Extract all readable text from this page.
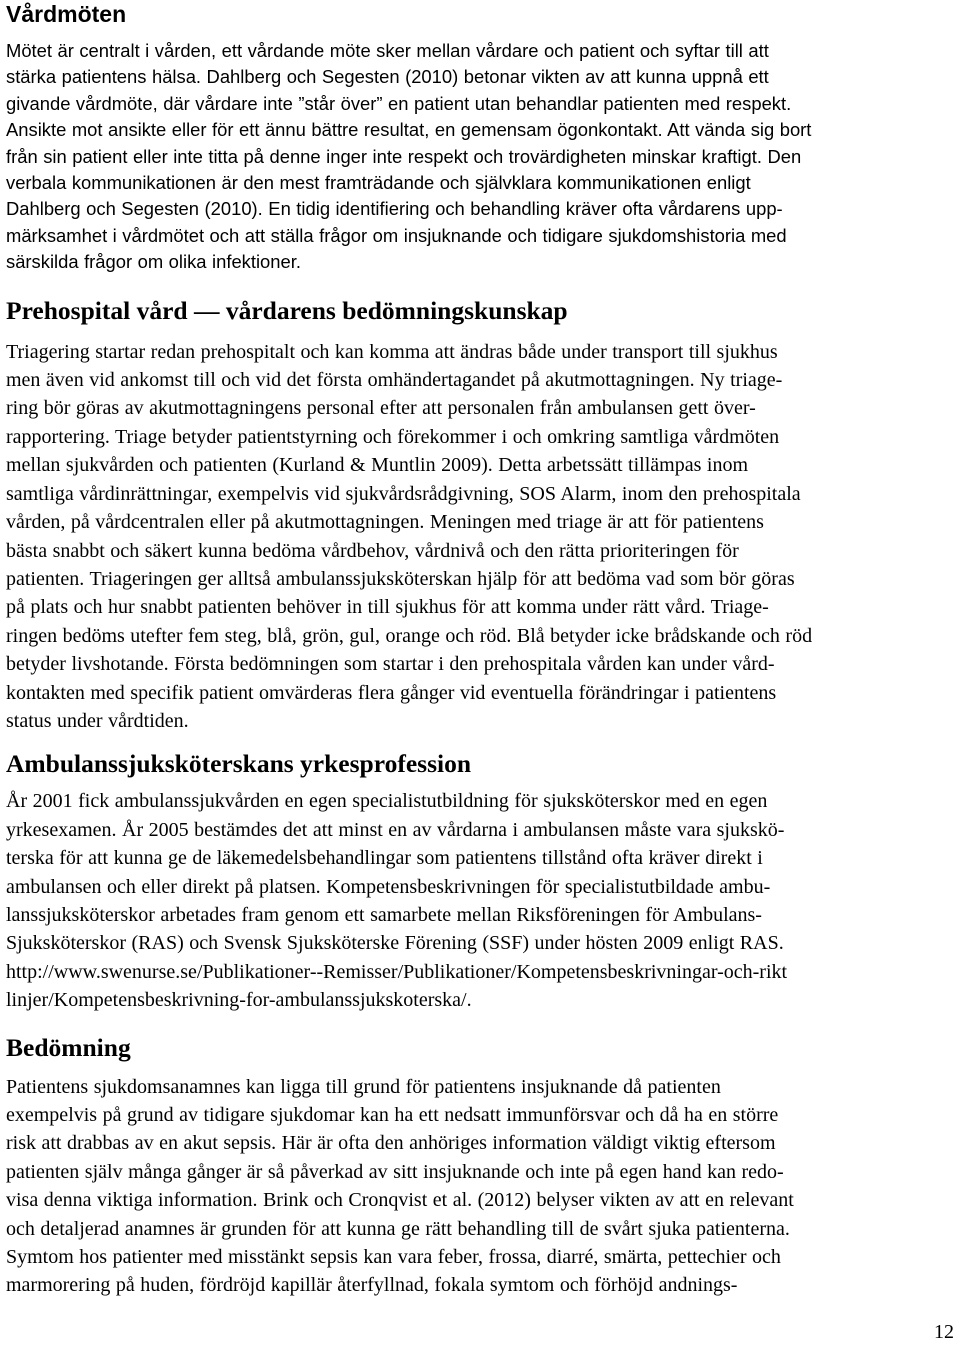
Vårdmöten

Mötet är centralt i vården, ett vårdande möte sker mellan vårdare och patient och syftar till att
stärka patientens hälsa. Dahlberg och Segesten (2010) betonar vikten av att kunna uppnå ett
givande vårdmöte, där vårdare inte ”står över” en patient utan behandlar patienten med respekt.
Ansikte mot ansikte eller för ett ännu bättre resultat, en gemensam ögonkontakt. Att vända sig bort
från sin patient eller inte titta på denne inger inte respekt och trovärdigheten minskar kraftigt. Den
verbala kommunikationen är den mest framträdande och självklara kommunikationen enligt
Dahlberg och Segesten (2010). En tidig identifiering och behandling kräver ofta vårdarens upp-
märksamhet i vårdmötet och att ställa frågor om insjuknande och tidigare sjukdomshistoria med
särskilda frågor om olika infektioner.

Prehospital vård — vårdarens bedömningskunskap

Triagering startar redan prehospitalt och kan komma att ändras både under transport till sjukhus
men även vid ankomst till och vid det första omhändertagandet på akutmottagningen. Ny triage-
ring bör göras av akutmottagningens personal efter att personalen från ambulansen gett över-
rapportering. Triage betyder patientstyrning och förekommer i och omkring samtliga vårdmöten
mellan sjukvården och patienten (Kurland & Muntlin 2009). Detta arbetssätt tillämpas inom
samtliga vårdinrättningar, exempelvis vid sjukvårdsrådgivning, SOS Alarm, inom den prehospitala
vården, på vårdcentralen eller på akutmottagningen. Meningen med triage är att för patientens
bästa snabbt och säkert kunna bedöma vårdbehov, vårdnivå och den rätta prioriteringen för
patienten. Triageringen ger alltså ambulanssjuksköterskan hjälp för att bedöma vad som bör göras
på plats och hur snabbt patienten behöver in till sjukhus för att komma under rätt vård. Triage-
ringen bedöms utefter fem steg, blå, grön, gul, orange och röd. Blå betyder icke brådskande och röd
betyder livshotande. Första bedömningen som startar i den prehospitala vården kan under vård-
kontakten med specifik patient omvärderas flera gånger vid eventuella förändringar i patientens
status under vårdtiden.

Ambulanssjuksköterskans yrkesprofession

År 2001 fick ambulanssjukvården en egen specialistutbildning för sjuksköterskor med en egen
yrkesexamen. År 2005 bestämdes det att minst en av vårdarna i ambulansen måste vara sjukskö-
terska för att kunna ge de läkemedelsbehandlingar som patientens tillstånd ofta kräver direkt i
ambulansen och eller direkt på platsen. Kompetensbeskrivningen för specialistutbildade ambu-
lanssjuksköterskor arbetades fram genom ett samarbete mellan Riksföreningen för Ambulans-
Sjuksköterskor (RAS) och Svensk Sjuksköterske Förening (SSF) under hösten 2009 enligt RAS.
http://www.swenurse.se/Publikationer--Remisser/Publikationer/Kompetensbeskrivningar-och-rikt
linjer/Kompetensbeskrivning-for-ambulanssjukskoterska/.

Bedömning

Patientens sjukdomsanamnes kan ligga till grund för patientens insjuknande då patienten
exempelvis på grund av tidigare sjukdomar kan ha ett nedsatt immunförsvar och då ha en större
risk att drabbas av en akut sepsis. Här är ofta den anhöriges information väldigt viktig eftersom
patienten själv många gånger är så påverkad av sitt insjuknande och inte på egen hand kan redo-
visa denna viktiga information. Brink och Cronqvist et al. (2012) belyser vikten av att en relevant
och detaljerad anamnes är grunden för att kunna ge rätt behandling till de svårt sjuka patienterna.
Symtom hos patienter med misstänkt sepsis kan vara feber, frossa, diarré, smärta, pettechier och
marmorering på huden, fördröjd kapillär återfyllnad, fokala symtom och förhöjd andnings-

12
